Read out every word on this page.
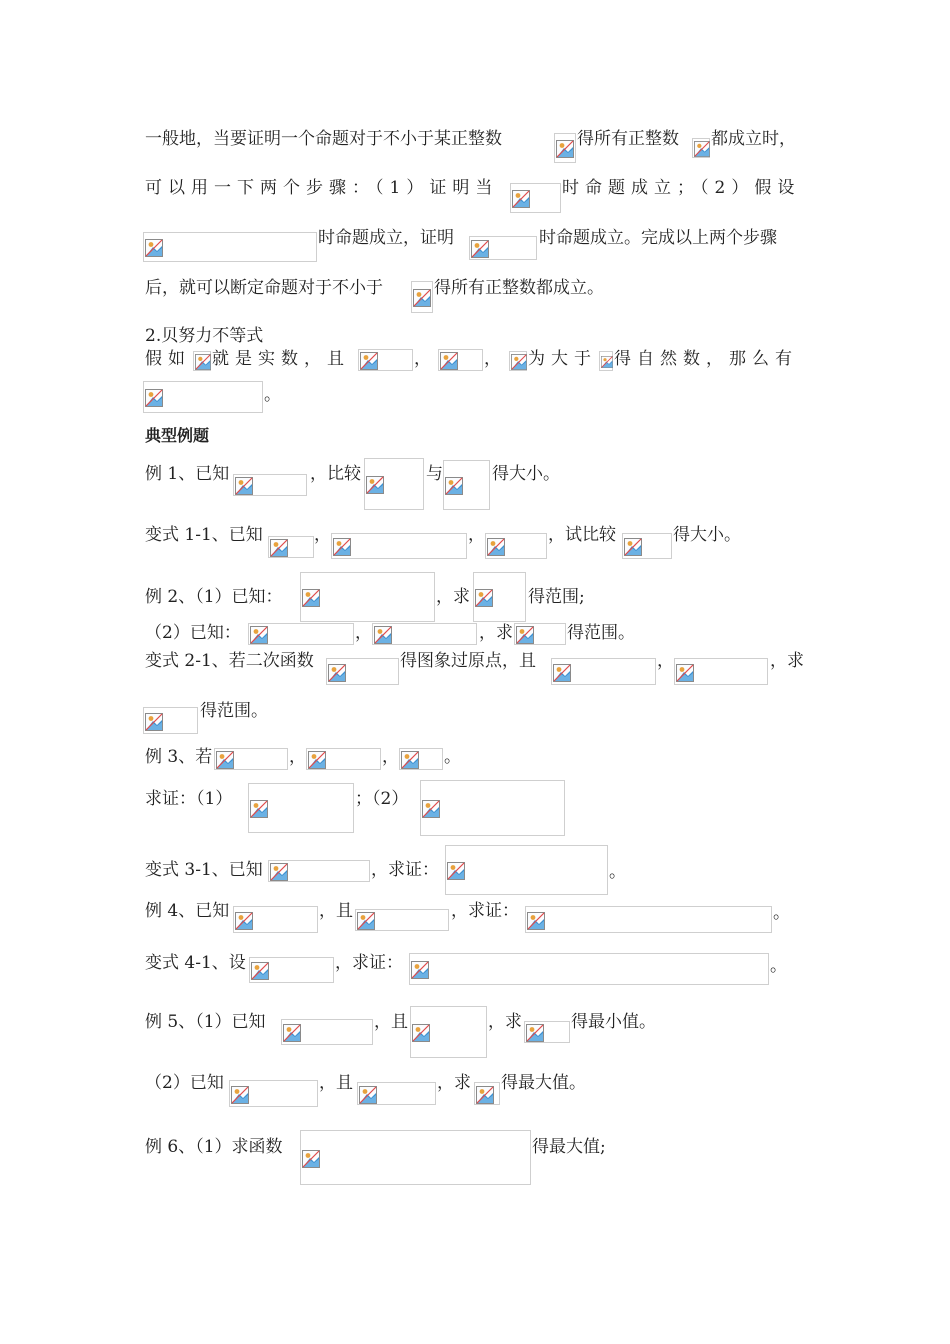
一般地，当要证明一个命题对于不小于某正整数	得所有正整数 都成立时，
可以用一下两个步骤：（1）证明当	时命题成立；（2）假设
时命题成立，证明	时命题成立。完成以上两个步骤
后，就可以断定命题对于不小于	得所有正整数都成立。
2.贝努力不等式
假如 就是实数，且	，	， 为大于 得自然数，那么有
。
典型例题
例 1、已知	，比较	与	得大小。
变式 1-1、已知	，	，	，试比较	得大小。
例 2、（1）已知：	，求	得范围;
（2）已知：	，	，求	得范围。
变式 2-1、若二次函数	得图象过原点，且	，	，求
得范围。
例 3、若	，	，	。
求证：（1）	；（2）
变式 3-1、已知	，求证：	。
例 4、已知	，且	，求证：	。
变式 4-1、设	，求证：	。
例 5、（1）已知	，且	，求	得最小值。
（2）已知	，且	，求 得最大值。
例 6、（1）求函数	得最大值;
